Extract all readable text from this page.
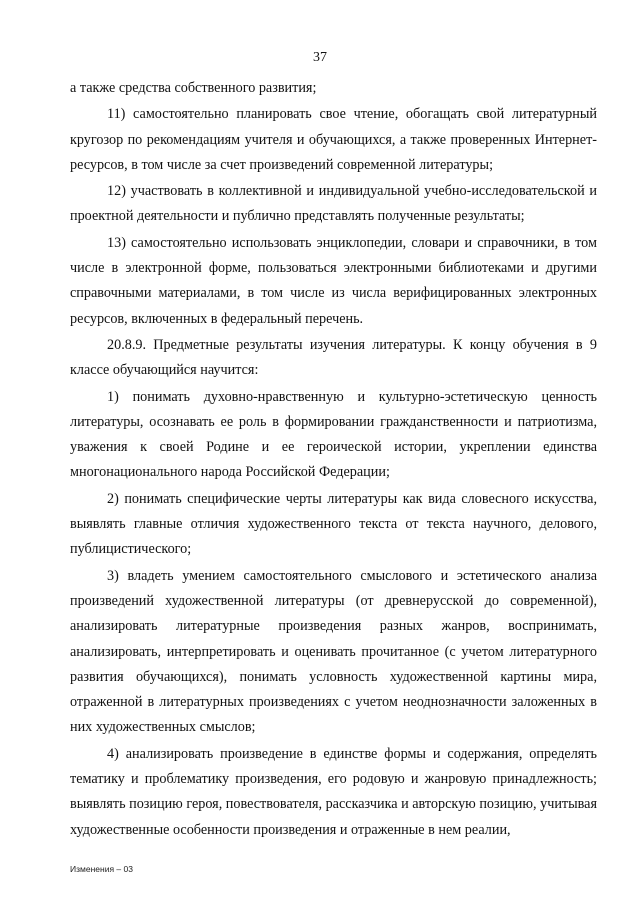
37

а также средства собственного развития;

11) самостоятельно планировать свое чтение, обогащать свой литературный кругозор по рекомендациям учителя и обучающихся, а также проверенных Интернет-ресурсов, в том числе за счет произведений современной литературы;

12) участвовать в коллективной и индивидуальной учебно-исследовательской и проектной деятельности и публично представлять полученные результаты;

13) самостоятельно использовать энциклопедии, словари и справочники, в том числе в электронной форме, пользоваться электронными библиотеками и другими справочными материалами, в том числе из числа верифицированных электронных ресурсов, включенных в федеральный перечень.

20.8.9. Предметные результаты изучения литературы. К концу обучения в 9 классе обучающийся научится:

1) понимать духовно-нравственную и культурно-эстетическую ценность литературы, осознавать ее роль в формировании гражданственности и патриотизма, уважения к своей Родине и ее героической истории, укреплении единства многонационального народа Российской Федерации;

2) понимать специфические черты литературы как вида словесного искусства, выявлять главные отличия художественного текста от текста научного, делового, публицистического;

3) владеть умением самостоятельного смыслового и эстетического анализа произведений художественной литературы (от древнерусской до современной), анализировать литературные произведения разных жанров, воспринимать, анализировать, интерпретировать и оценивать прочитанное (с учетом литературного развития обучающихся), понимать условность художественной картины мира, отраженной в литературных произведениях с учетом неоднозначности заложенных в них художественных смыслов;

4) анализировать произведение в единстве формы и содержания, определять тематику и проблематику произведения, его родовую и жанровую принадлежность; выявлять позицию героя, повествователя, рассказчика и авторскую позицию, учитывая художественные особенности произведения и отраженные в нем реалии,

Изменения – 03
